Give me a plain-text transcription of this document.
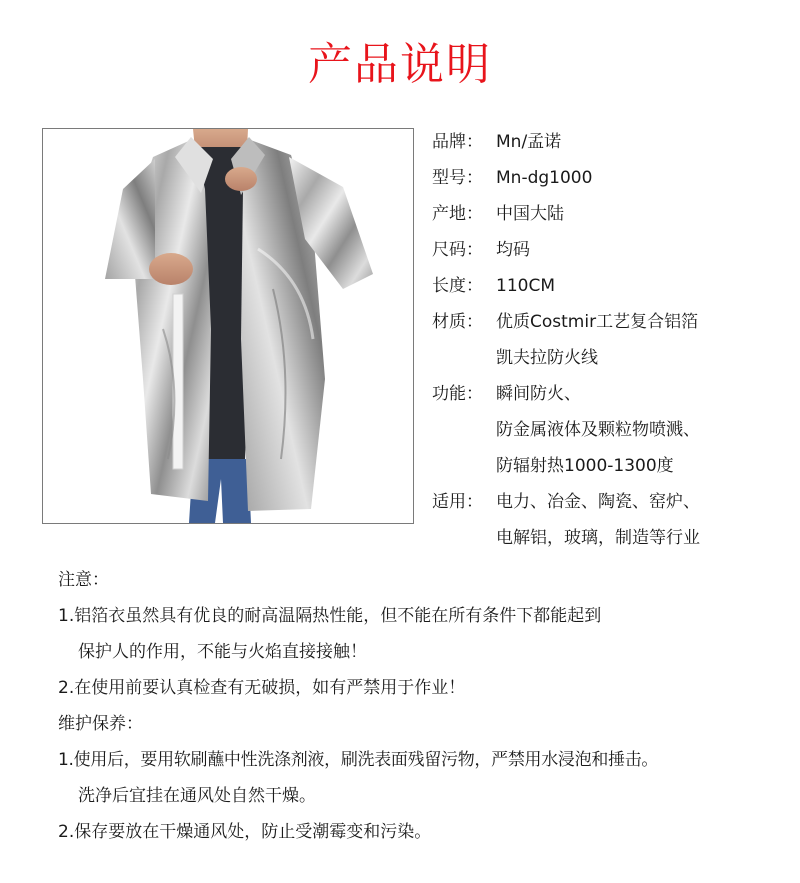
产品说明
品牌： Mn/孟诺
型号： Mn-dg1000
产地： 中国大陆
尺码： 均码
长度： 110CM
材质： 优质Costmir工艺复合铝箔
凯夫拉防火线
功能： 瞬间防火、
防金属液体及颗粒物喷溅、
防辐射热1000-1300度
适用： 电力、冶金、陶瓷、窑炉、
电解铝，玻璃，制造等行业
注意：
1.铝箔衣虽然具有优良的耐高温隔热性能，但不能在所有条件下都能起到
保护人的作用，不能与火焰直接接触！
2.在使用前要认真检查有无破损，如有严禁用于作业！
维护保养：
1.使用后，要用软刷蘸中性洗涤剂液，刷洗表面残留污物，严禁用水浸泡和捶击。
洗净后宜挂在通风处自然干燥。
2.保存要放在干燥通风处，防止受潮霉变和污染。
